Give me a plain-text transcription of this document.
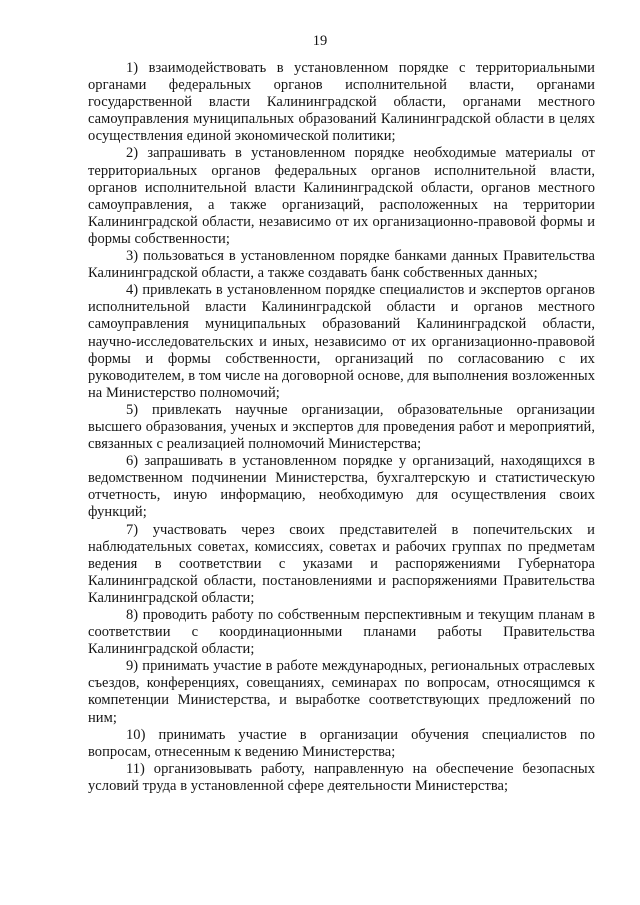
19

1) взаимодействовать в установленном порядке с территориальными органами федеральных органов исполнительной власти, органами государственной власти Калининградской области, органами местного самоуправления муниципальных образований Калининградской области в целях осуществления единой экономической политики;

2) запрашивать в установленном порядке необходимые материалы от территориальных органов федеральных органов исполнительной власти, органов исполнительной власти Калининградской области, органов местного самоуправления, а также организаций, расположенных на территории Калининградской области, независимо от их организационно-правовой формы и формы собственности;

3) пользоваться в установленном порядке банками данных Правительства Калининградской области, а также создавать банк собственных данных;

4) привлекать в установленном порядке специалистов и экспертов органов исполнительной власти Калининградской области и органов местного самоуправления муниципальных образований Калининградской области, научно-исследовательских и иных, независимо от их организационно-правовой формы и формы собственности, организаций по согласованию с их руководителем, в том числе на договорной основе, для выполнения возложенных на Министерство полномочий;

5) привлекать научные организации, образовательные организации высшего образования, ученых и экспертов для проведения работ и мероприятий, связанных с реализацией полномочий Министерства;

6) запрашивать в установленном порядке у организаций, находящихся в ведомственном подчинении Министерства, бухгалтерскую и статистическую отчетность, иную информацию, необходимую для осуществления своих функций;

7) участвовать через своих представителей в попечительских и наблюдательных советах, комиссиях, советах и рабочих группах по предметам ведения в соответствии с указами и распоряжениями Губернатора Калининградской области, постановлениями и распоряжениями Правительства Калининградской области;

8) проводить работу по собственным перспективным и текущим планам в соответствии с координационными планами работы Правительства Калининградской области;

9) принимать участие в работе международных, региональных отраслевых съездов, конференциях, совещаниях, семинарах по вопросам, относящимся к компетенции Министерства, и выработке соответствующих предложений по ним;

10) принимать участие в организации обучения специалистов по вопросам, отнесенным к ведению Министерства;

11) организовывать работу, направленную на обеспечение безопасных условий труда в установленной сфере деятельности Министерства;
